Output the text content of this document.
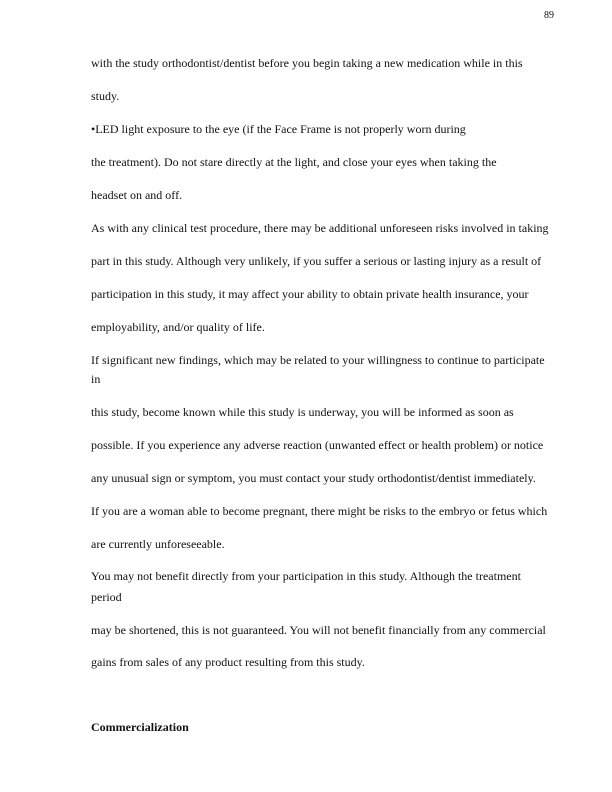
89
with the study orthodontist/dentist before you begin taking a new medication while in this
study.
•LED light exposure to the eye (if the Face Frame is not properly worn during
the treatment). Do not stare directly at the light, and close your eyes when taking the
headset on and off.
As with any clinical test procedure, there may be additional unforeseen risks involved in taking
part in this study. Although very unlikely, if you suffer a serious or lasting injury as a result of
participation in this study, it may affect your ability to obtain private health insurance, your
employability, and/or quality of life.
If significant new findings, which may be related to your willingness to continue to participate
in
this study, become known while this study is underway, you will be informed as soon as
possible. If you experience any adverse reaction (unwanted effect or health problem) or notice
any unusual sign or symptom, you must contact your study orthodontist/dentist immediately.
If you are a woman able to become pregnant, there might be risks to the embryo or fetus which
are currently unforeseeable.
You may not benefit directly from your participation in this study. Although the treatment
period
may be shortened, this is not guaranteed. You will not benefit financially from any commercial
gains from sales of any product resulting from this study.
Commercialization
